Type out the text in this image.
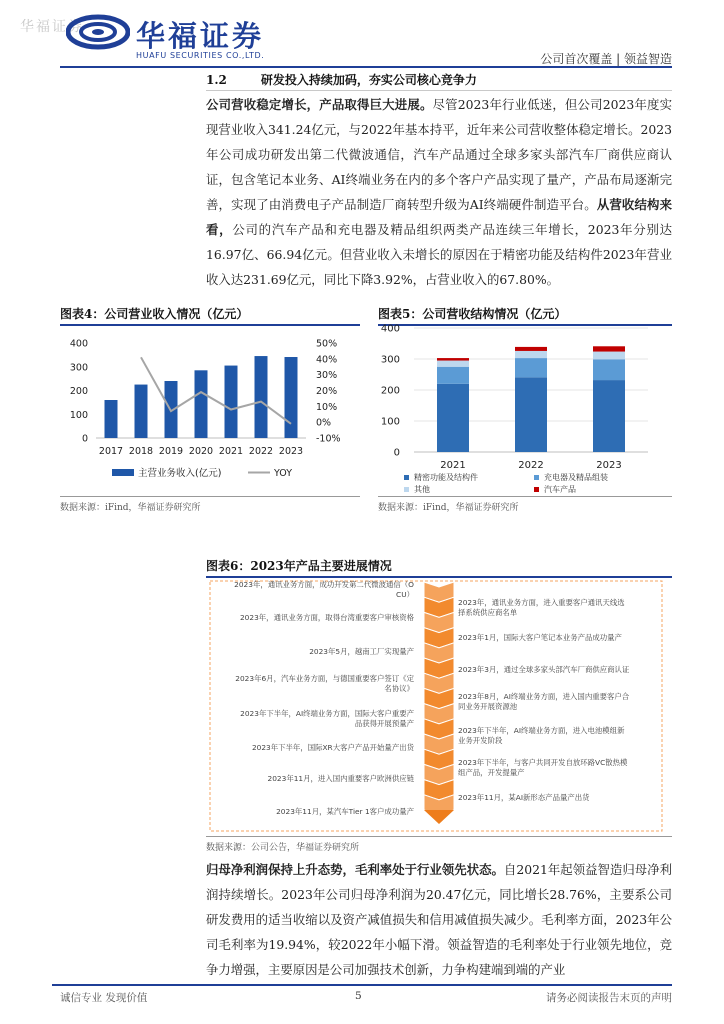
华福证券 华福证券
HUAFU SECURITIES CO.,LTD.	公司首次覆盖 | 领益智造
1.2	研发投入持续加码，夯实公司核心竞争力
公司营收稳定增长，产品取得巨大进展。尽管2023年行业低迷，但公司2023年度实现营业收入341.24亿元，与2022年基本持平，近年来公司营收整体稳定增长。2023年公司成功研发出第二代微波通信，汽车产品通过全球多家头部汽车厂商供应商认证，包含笔记本业务、AI终端业务在内的多个客户产品实现了量产，产品布局逐渐完善，实现了由消费电子产品制造厂商转型升级为AI终端硬件制造平台。从营收结构来看，公司的汽车产品和充电器及精品组织两类产品连续三年增长，2023年分别达16.97亿、66.94亿元。但营业收入未增长的原因在于精密功能及结构件2023年营业收入达231.69亿元，同比下降3.92%，占营业收入的67.80%。
图表4：公司营业收入情况（亿元）
0
100
200
300
400
-10%
0%
10%
20%
30%
40%
50%
2017 2018 2019 2020 2021 2022 2023
主营业务收入(亿元)	YOY
数据来源：iFind，华福证券研究所
图表5：公司营收结构情况（亿元）
0
100
200
300
400
2021	2022	2023
精密功能及结构件	充电器及精品组装
其他	汽车产品
数据来源：iFind，华福证券研究所
图表6：2023年产品主要进展情况
2023年，通讯业务方面，成功开发第二代微波通信（O CU）
2023年，通讯业务方面，取得台湾重要客户审核资格
2023年5月，越南工厂实现量产
2023年6月，汽车业务方面，与德国重要客户签订《定名协议》
2023年下半年，AI终端业务方面，国际大客户重要产品获得开展预量产
2023年下半年，国际XR大客户产品开始量产出货
2023年11月，进入国内重要客户欧洲供应链
2023年11月，某汽车Tier 1客户成功量产
2023年，通讯业务方面，进入重要客户通讯天线选择系统供应商名单
2023年1月，国际大客户笔记本业务产品成功量产
2023年3月，通过全球多家头部汽车厂商供应商认证
2023年8月，AI终端业务方面，进入国内重要客户合同业务开展资源池
2023年下半年，AI终端业务方面，进入电池模组新业务开发阶段
2023年下半年，与客户共同开发自放环路VC散热模组产品，开发提量产
2023年11月，某AI新形态产品量产出货
数据来源：公司公告，华福证券研究所
归母净利润保持上升态势，毛利率处于行业领先状态。自2021年起领益智造归母净利润持续增长。2023年公司归母净利润为20.47亿元，同比增长28.76%，主要系公司研发费用的适当收缩以及资产减值损失和信用减值损失减少。毛利率方面，2023年公司毛利率为19.94%，较2022年小幅下滑。领益智造的毛利率处于行业领先地位，竞争力增强，主要原因是公司加强技术创新，力争构建端到端的产业
诚信专业 发现价值	5	请务必阅读报告末页的声明
